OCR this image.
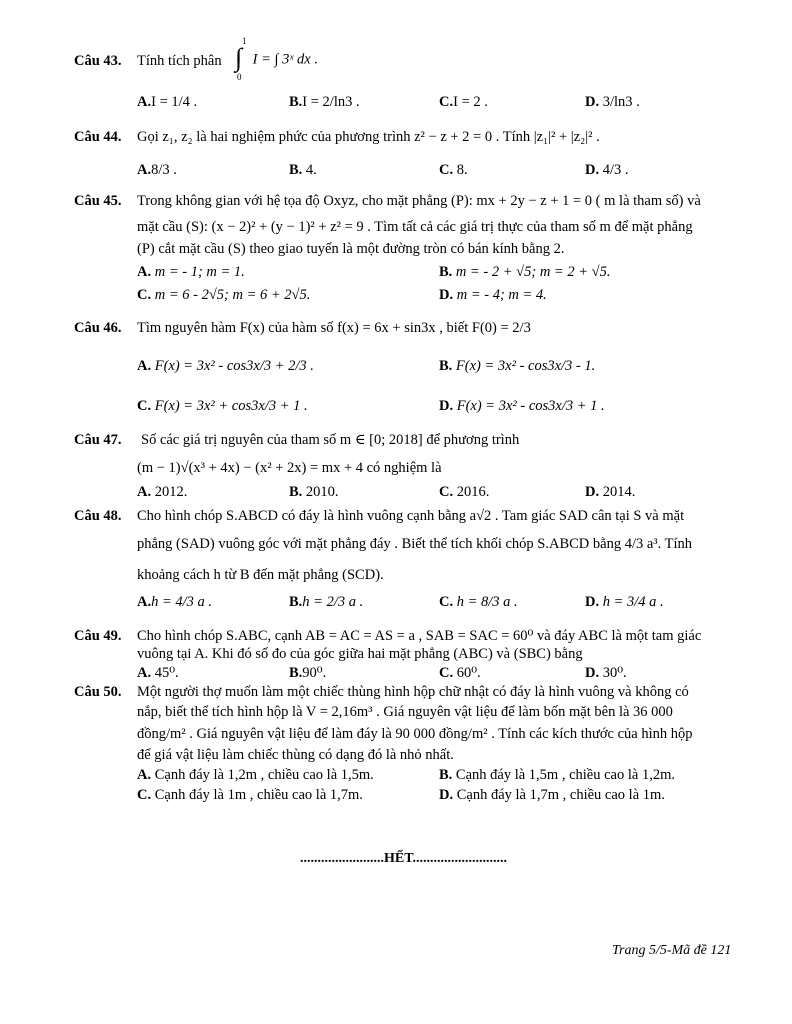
Câu 43. Tính tích phân ∫
1
0
I = ∫ 3ˣ dx .
A.I = 1/4 .	B.I = 2/ln3 .	C.I = 2 .	D. 3/ln3 .
Câu 44. Gọi z₁, z₂ là hai nghiệm phức của phương trình z² − z + 2 = 0 . Tính |z₁|² + |z₂|² .
A.8/3 .	B. 4.	C. 8.	D. 4/3 .
Câu 45. Trong không gian với hệ tọa độ Oxyz, cho mặt phẳng (P): mx + 2y − z + 1 = 0 ( m là tham số) và
mặt cầu (S): (x − 2)² + (y − 1)² + z² = 9 . Tìm tất cả các giá trị thực của tham số m để mặt phẳng
(P) cắt mặt cầu (S) theo giao tuyến là một đường tròn có bán kính bằng 2.
A. m = - 1; m = 1.	B. m = - 2 + √5; m = 2 + √5.
C. m = 6 - 2√5; m = 6 + 2√5.	D. m = - 4; m = 4.
Câu 46. Tìm nguyên hàm F(x) của hàm số f(x) = 6x + sin3x , biết F(0) = 2/3
A. F(x) = 3x² - cos3x/3 + 2/3 .	B. F(x) = 3x² - cos3x/3 - 1.
C. F(x) = 3x² + cos3x/3 + 1 .	D. F(x) = 3x² - cos3x/3 + 1 .
Câu 47. Số các giá trị nguyên của tham số m ∈ [0; 2018] để phương trình
(m − 1)√(x³ + 4x) − (x² + 2x) = mx + 4 có nghiệm là
A. 2012.	B. 2010.	C. 2016.	D. 2014.
Câu 48. Cho hình chóp S.ABCD có đáy là hình vuông cạnh bằng a√2 . Tam giác SAD cân tại S và mặt
phẳng (SAD) vuông góc với mặt phẳng đáy . Biết thể tích khối chóp S.ABCD bằng 4/3 a³. Tính
khoảng cách h từ B đến mặt phẳng (SCD).
A.h = 4/3 a .	B.h = 2/3 a .	C. h = 8/3 a .	D. h = 3/4 a .
Câu 49. Cho hình chóp S.ABC, cạnh AB = AC = AS = a , SAB = SAC = 60⁰ và đáy ABC là một tam giác
vuông tại A. Khi đó số đo của góc giữa hai mặt phẳng (ABC) và (SBC) bằng
A. 45⁰.	B.90⁰.	C. 60⁰.	D. 30⁰.
Câu 50. Một người thợ muốn làm một chiếc thùng hình hộp chữ nhật có đáy là hình vuông và không có
nắp, biết thể tích hình hộp là V = 2,16m³ . Giá nguyên vật liệu để làm bốn mặt bên là 36 000
đồng/m² . Giá nguyên vật liệu để làm đáy là 90 000 đồng/m² . Tính các kích thước của hình hộp
để giá vật liệu làm chiếc thùng có dạng đó là nhỏ nhất.
A. Cạnh đáy là 1,2m , chiều cao là 1,5m.	B. Cạnh đáy là 1,5m , chiều cao là 1,2m.
C. Cạnh đáy là 1m , chiều cao là 1,7m.	D. Cạnh đáy là 1,7m , chiều cao là 1m.
........................HẾT...........................
Trang 5/5-Mã đề 121
